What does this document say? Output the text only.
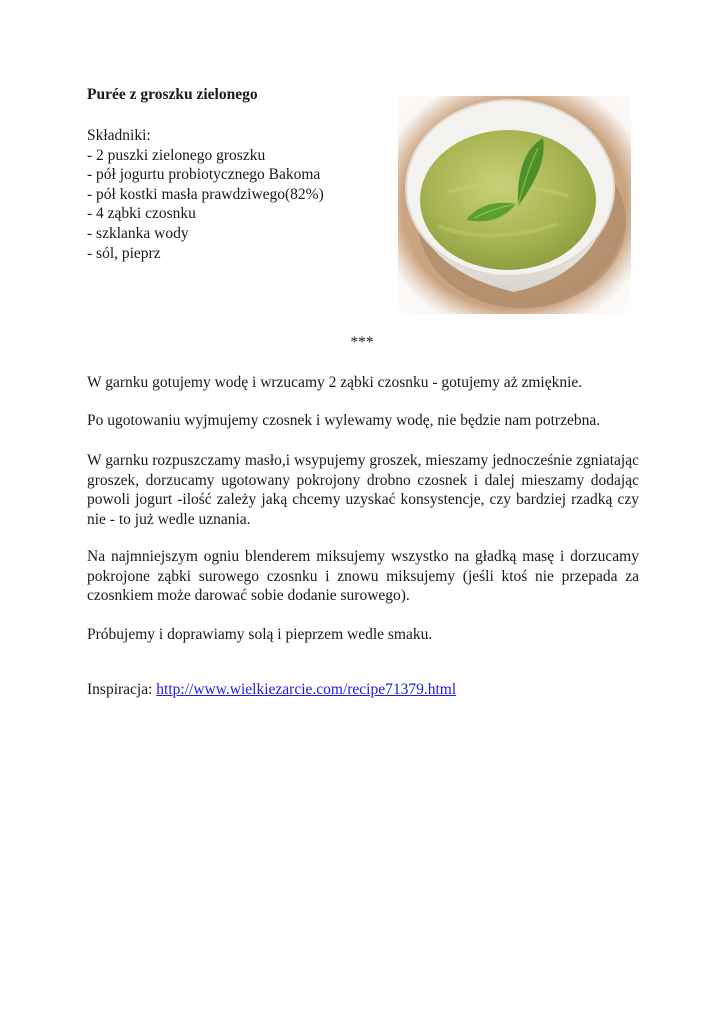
Purée z groszku zielonego
Składniki:
- 2 puszki zielonego groszku
- pół jogurtu probiotycznego Bakoma
- pół kostki masła prawdziwego(82%)
- 4 ząbki czosnku
- szklanka wody
- sól, pieprz
***
W garnku gotujemy wodę i wrzucamy 2 ząbki czosnku - gotujemy aż zmięknie.
Po ugotowaniu wyjmujemy czosnek i wylewamy wodę, nie będzie nam potrzebna.
W garnku rozpuszczamy masło,i wsypujemy groszek, mieszamy jednocześnie zgniatając groszek, dorzucamy ugotowany pokrojony drobno czosnek i dalej mieszamy dodając powoli jogurt -ilość zależy jaką chcemy uzyskać konsystencje, czy bardziej rzadką czy nie - to już wedle uznania.
Na najmniejszym ogniu blenderem miksujemy wszystko na gładką masę i dorzucamy pokrojone ząbki surowego czosnku i znowu miksujemy (jeśli ktoś nie przepada za czosnkiem może darować sobie dodanie surowego).
Próbujemy i doprawiamy solą i pieprzem wedle smaku.
Inspiracja: http://www.wielkiezarcie.com/recipe71379.html
